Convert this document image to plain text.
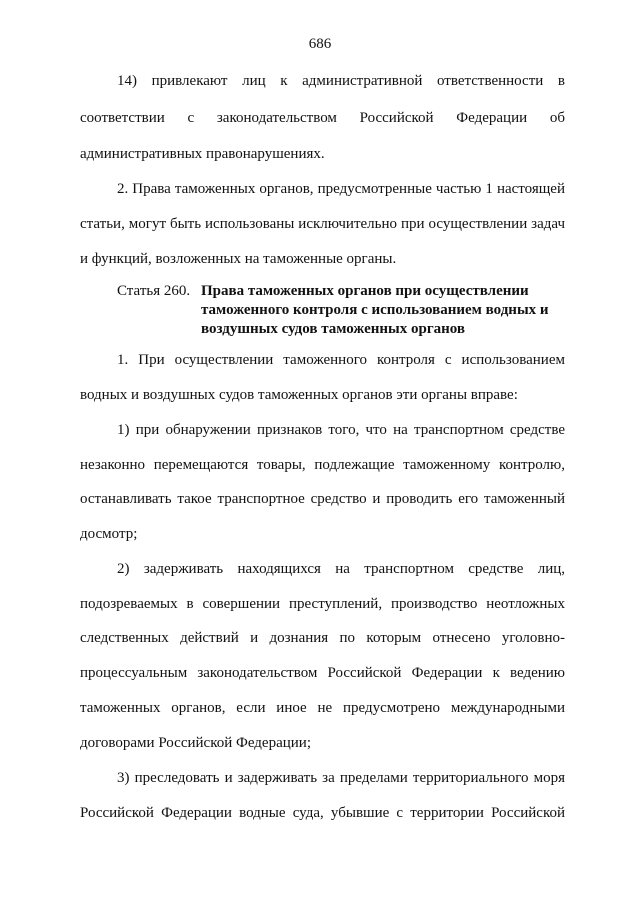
686
14) привлекают лиц к административной ответственности в
соответствии с законодательством Российской Федерации об
административных правонарушениях.
2. Права таможенных органов, предусмотренные частью 1 настоящей
статьи, могут быть использованы исключительно при осуществлении задач
и функций, возложенных на таможенные органы.
Статья 260. Права таможенных органов при осуществлении
таможенного контроля с использованием водных и
воздушных судов таможенных органов
1. При осуществлении таможенного контроля с использованием
водных и воздушных судов таможенных органов эти органы вправе:
1) при обнаружении признаков того, что на транспортном средстве
незаконно перемещаются товары, подлежащие таможенному контролю,
останавливать такое транспортное средство и проводить его таможенный
досмотр;
2) задерживать находящихся на транспортном средстве лиц,
подозреваемых в совершении преступлений, производство неотложных
следственных действий и дознания по которым отнесено уголовно-
процессуальным законодательством Российской Федерации к ведению
таможенных органов, если иное не предусмотрено международными
договорами Российской Федерации;
3) преследовать и задерживать за пределами территориального моря
Российской Федерации водные суда, убывшие с территории Российской
